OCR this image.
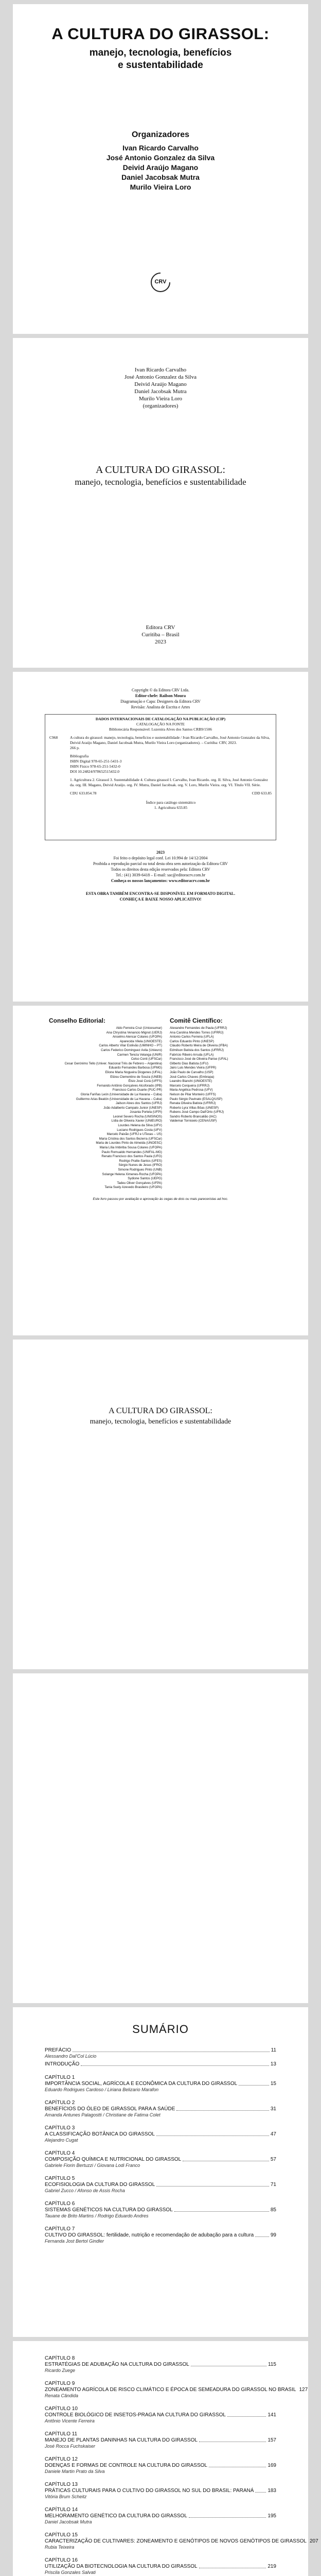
A CULTURA DO GIRASSOL:
manejo, tecnologia, benefícios
e sustentabilidade
Organizadores
Ivan Ricardo Carvalho
José Antonio Gonzalez da Silva
Deivid Araújo Magano
Daniel Jacobsak Mutra
Murilo Vieira Loro
CRV
Ivan Ricardo Carvalho
José Antonio Gonzalez da Silva
Deivid Araújo Magano
Daniel Jacobsak Mutra
Murilo Vieira Loro
(organizadores)
A CULTURA DO GIRASSOL:
manejo, tecnologia, benefícios e sustentabilidade
Editora CRV
Curitiba – Brasil
2023
Copyright © da Editora CRV Ltda.
Editor-chefe: Railson Moura
Diagramação e Capa: Designers da Editora CRV
Revisão: Analista de Escrita e Artes
DADOS INTERNACIONAIS DE CATALOGAÇÃO NA PUBLICAÇÃO (CIP)
CATALOGAÇÃO NA FONTE
Bibliotecária Responsável: Luzenira Alves dos Santos CRB9/1506
C968	A cultura do girassol: manejo, tecnologia, benefícios e sustentabilidade / Ivan Ricardo Carvalho, José Antonio Gonzalez da Silva, Deivid Araújo Magano, Daniel Jacobsak Mutra, Murilo Vieira Loro (organizadores). – Curitiba: CRV, 2023.
266 p.
Bibliografia
ISBN Digital 978-65-251-5431-3
ISBN Físico 978-65-251-5432-0
DOI 10.24824/978652515432.0
1. Agricultura 2. Girassol 3. Sustentabilidade 4. Cultura girassol I. Carvalho, Ivan Ricardo. org. II. Silva, José Antonio Gonzalez da. org. III. Magano, Deivid Araújo. org. IV. Mutra, Daniel Jacobsak. org. V. Loro, Murilo Vieira. org. VI. Título VII. Série.
CDU 633.854.78	CDD 633.85
Índice para catálogo sistemático
1. Agricultura 633.85
2023
Foi feito o depósito legal conf. Lei 10.994 de 14/12/2004
Proibida a reprodução parcial ou total desta obra sem autorização da Editora CRV
Todos os direitos desta edição reservados pela: Editora CRV
Tel.: (41) 3039-6418 – E-mail: sac@editoracrv.com.br
Conheça os nossos lançamentos: www.editoracrv.com.br
ESTA OBRA TAMBÉM ENCONTRA-SE DISPONÍVEL EM FORMATO DIGITAL.
CONHEÇA E BAIXE NOSSO APLICATIVO!
Conselho Editorial:
Aldo Ferreira Cruz (Unicesumar)
Ana Chrystina Venancio Mignot (UERJ)
Anselmo Alencar Colares (UFOPA)
Aparecida Vilela (UNIOESTE)
Carlos Alberto Vilar Estêvão (UMINHO – PT)
Carlos Federico Dominguez Avila (Unieuro)
Carmen Tereza Velanga (UNIR)
Celso Conti (UFSCar)
Cesar Gerónimo Tello (Univer. Nacional Três de Febrero – Argentina)
Eduardo Fernandes Barbosa (UFMG)
Elione Maria Nogueira Diogenes (UFAL)
Elizeu Clementino de Souza (UNEB)
Élsio José Corá (UFFS)
Fernando Antônio Gonçalves Alcoforado (IPB)
Francisco Carlos Duarte (PUC-PR)
Gloria Fariñas León (Universidade de La Havana – Cuba)
Guillermo Arias Beatón (Universidade de La Havana – Cuba)
Jailson Alves dos Santos (UFRJ)
João Adalberto Campato Junior (UNESP)
Josania Portela (UFPI)
Leonel Severo Rocha (UNISINOS)
Lídia de Oliveira Xavier (UNIEURO)
Lourdes Helena da Silva (UFV)
Luciano Rodrigues Costa (UFV)
Marcelo Paixão (UFRJ e UTexas – US)
Maria Cristina dos Santos Bezerra (UFSCar)
Maria de Lourdes Pinto de Almeida (UNOESC)
Maria Lília Imbiriba Sousa Colares (UFOPA)
Paulo Romualdo Hernandes (UNIFAL-MG)
Renato Francisco dos Santos Paula (UFG)
Rodrigo Pratte-Santos (UFES)
Sérgio Nunes de Jesus (IFRO)
Simone Rodrigues Pinto (UNB)
Solange Helena Ximenes-Rocha (UFOPA)
Sydione Santos (UEPG)
Tadeu Oliver Gonçalves (UFPA)
Tania Suely Azevedo Brasileiro (UFOPA)
Comitê Científico:
Alexandre Fernandes de Paula (UFRRJ)
Ana Carolina Mendes Torres (UFRRJ)
Antonio Carlos Ferreira (UFLA)
Carlos Eduardo Pinto (UNESP)
Cláudio Roberto Meira de Oliveira (IFBA)
Edmilson Batista dos Santos (UFRRJ)
Fabrício Ribeiro Arruda (UFLA)
Francisco José de Oliveira Parise (UFAL)
Gilberto Dias Batista (UFU)
Jairo Luis Mendes Vieira (UFPR)
João Paulo de Carvalho (USP)
José Carlos Chaves (Embrapa)
Leandro Bianchi (UNIOESTE)
Marcelo Cerqueira (UFRRJ)
Maria Angélica Pedrosa (UFV)
Nelson de Pilar Monteiro (UFFS)
Paulo Sérgio Pavinato (ESALQ/USP)
Renata Oliveira Batista (UFRRJ)
Roberto Lyra Villas Bôas (UNESP)
Rubens José Campo Dall'Orto (UFRJ)
Sandro Roberto Brancalião (IAC)
Valdemar Tornisielo (CENA/USP)
Este livro passou por avaliação e aprovação às cegas de dois ou mais pareceristas ad hoc.
A CULTURA DO GIRASSOL:
manejo, tecnologia, benefícios e sustentabilidade
SUMÁRIO
PREFÁCIO	11
Alessandro Dal'Col Lúcio
INTRODUÇÃO	13
CAPÍTULO 1
IMPORTÂNCIA SOCIAL, AGRÍCOLA E ECONÔMICA DA CULTURA DO GIRASSOL	15
Eduardo Rodrigues Cardoso / Liriana Belizario Marafon
CAPÍTULO 2
BENEFÍCIOS DO ÓLEO DE GIRASSOL PARA A SAÚDE	31
Amanda Antunes Palagostti / Christiane de Fatima Colet
CAPÍTULO 3
A CLASSIFICAÇÃO BOTÂNICA DO GIRASSOL	47
Alejandro Cugat
CAPÍTULO 4
COMPOSIÇÃO QUÍMICA E NUTRICIONAL DO GIRASSOL	57
Gabriele Fiorin Bertuzzi / Giovana Lodi Franco
CAPÍTULO 5
ECOFISIOLOGIA DA CULTURA DO GIRASSOL	71
Gabriel Zucco / Afonso de Assis Rocha
CAPÍTULO 6
SISTEMAS GENÉTICOS NA CULTURA DO GIRASSOL	85
Tauane de Brito Martins / Rodrigo Eduardo Andres
CAPÍTULO 7
CULTIVO DO GIRASSOL: fertilidade, nutrição e recomendação de adubação para a cultura	99
Fernanda Jost Bertol Gindler
CAPÍTULO 8
ESTRATÉGIAS DE ADUBAÇÃO NA CULTURA DO GIRASSOL	115
Ricardo Zuege
CAPÍTULO 9
ZONEAMENTO AGRÍCOLA DE RISCO CLIMÁTICO E ÉPOCA DE SEMEADURA DO GIRASSOL NO BRASIL 127
Renata Cândida
CAPÍTULO 10
CONTROLE BIOLÓGICO DE INSETOS-PRAGA NA CULTURA DO GIRASSOL	141
Antônio Vicente Ferreira
CAPÍTULO 11
MANEJO DE PLANTAS DANINHAS NA CULTURA DO GIRASSOL	157
José Rocca Fuchskaiser
CAPÍTULO 12
DOENÇAS E FORMAS DE CONTROLE NA CULTURA DO GIRASSOL	169
Daniele Martin Prato da Silva
CAPÍTULO 13
PRÁTICAS CULTURAIS PARA O CULTIVO DO GIRASSOL NO SUL DO BRASIL: PARANÁ	183
Vitória Brum Scheitz
CAPÍTULO 14
MELHORAMENTO GENÉTICO DA CULTURA DO GIRASSOL	195
Daniel Jacobsak Mutra
CAPÍTULO 15
CARACTERIZAÇÃO DE CULTIVARES: ZONEAMENTO E GENÓTIPOS DE NOVOS GENÓTIPOS DE GIRASSOL 207
Rubia Teixeira
CAPÍTULO 16
UTILIZAÇÃO DA BIOTECNOLOGIA NA CULTURA DO GIRASSOL	219
Priscila Gonzales Salvati
